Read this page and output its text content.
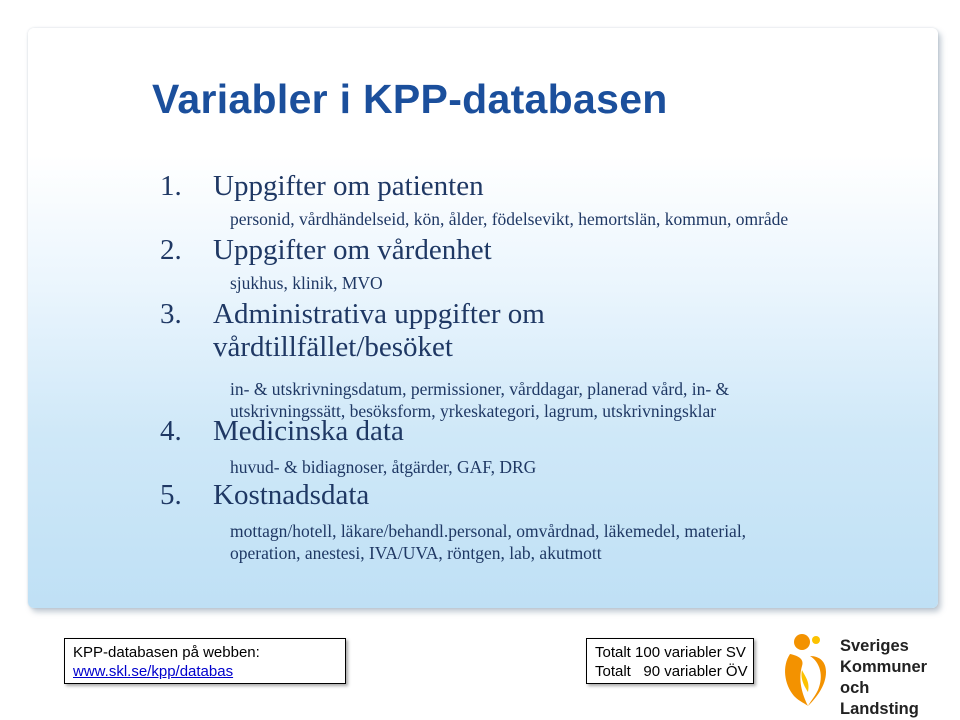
Variabler i KPP-databasen
1.	Uppgifter om patienten
personid, vårdhändelseid, kön, ålder, födelsevikt, hemortslän, kommun, område
2.	Uppgifter om vårdenhet
sjukhus, klinik, MVO
3.	Administrativa uppgifter om vårdtillfället/besöket
in- & utskrivningsdatum, permissioner, vårddagar, planerad vård, in- & utskrivningssätt, besöksform, yrkeskategori, lagrum, utskrivningsklar
4.	Medicinska data
huvud- & bidiagnoser, åtgärder, GAF, DRG
5.	Kostnadsdata
mottagn/hotell, läkare/behandl.personal, omvårdnad, läkemedel, material, operation, anestesi, IVA/UVA, röntgen, lab, akutmott
KPP-databasen på webben:
www.skl.se/kpp/databas
Totalt 100 variabler SV
Totalt   90 variabler ÖV
Sveriges
Kommuner
och Landsting
